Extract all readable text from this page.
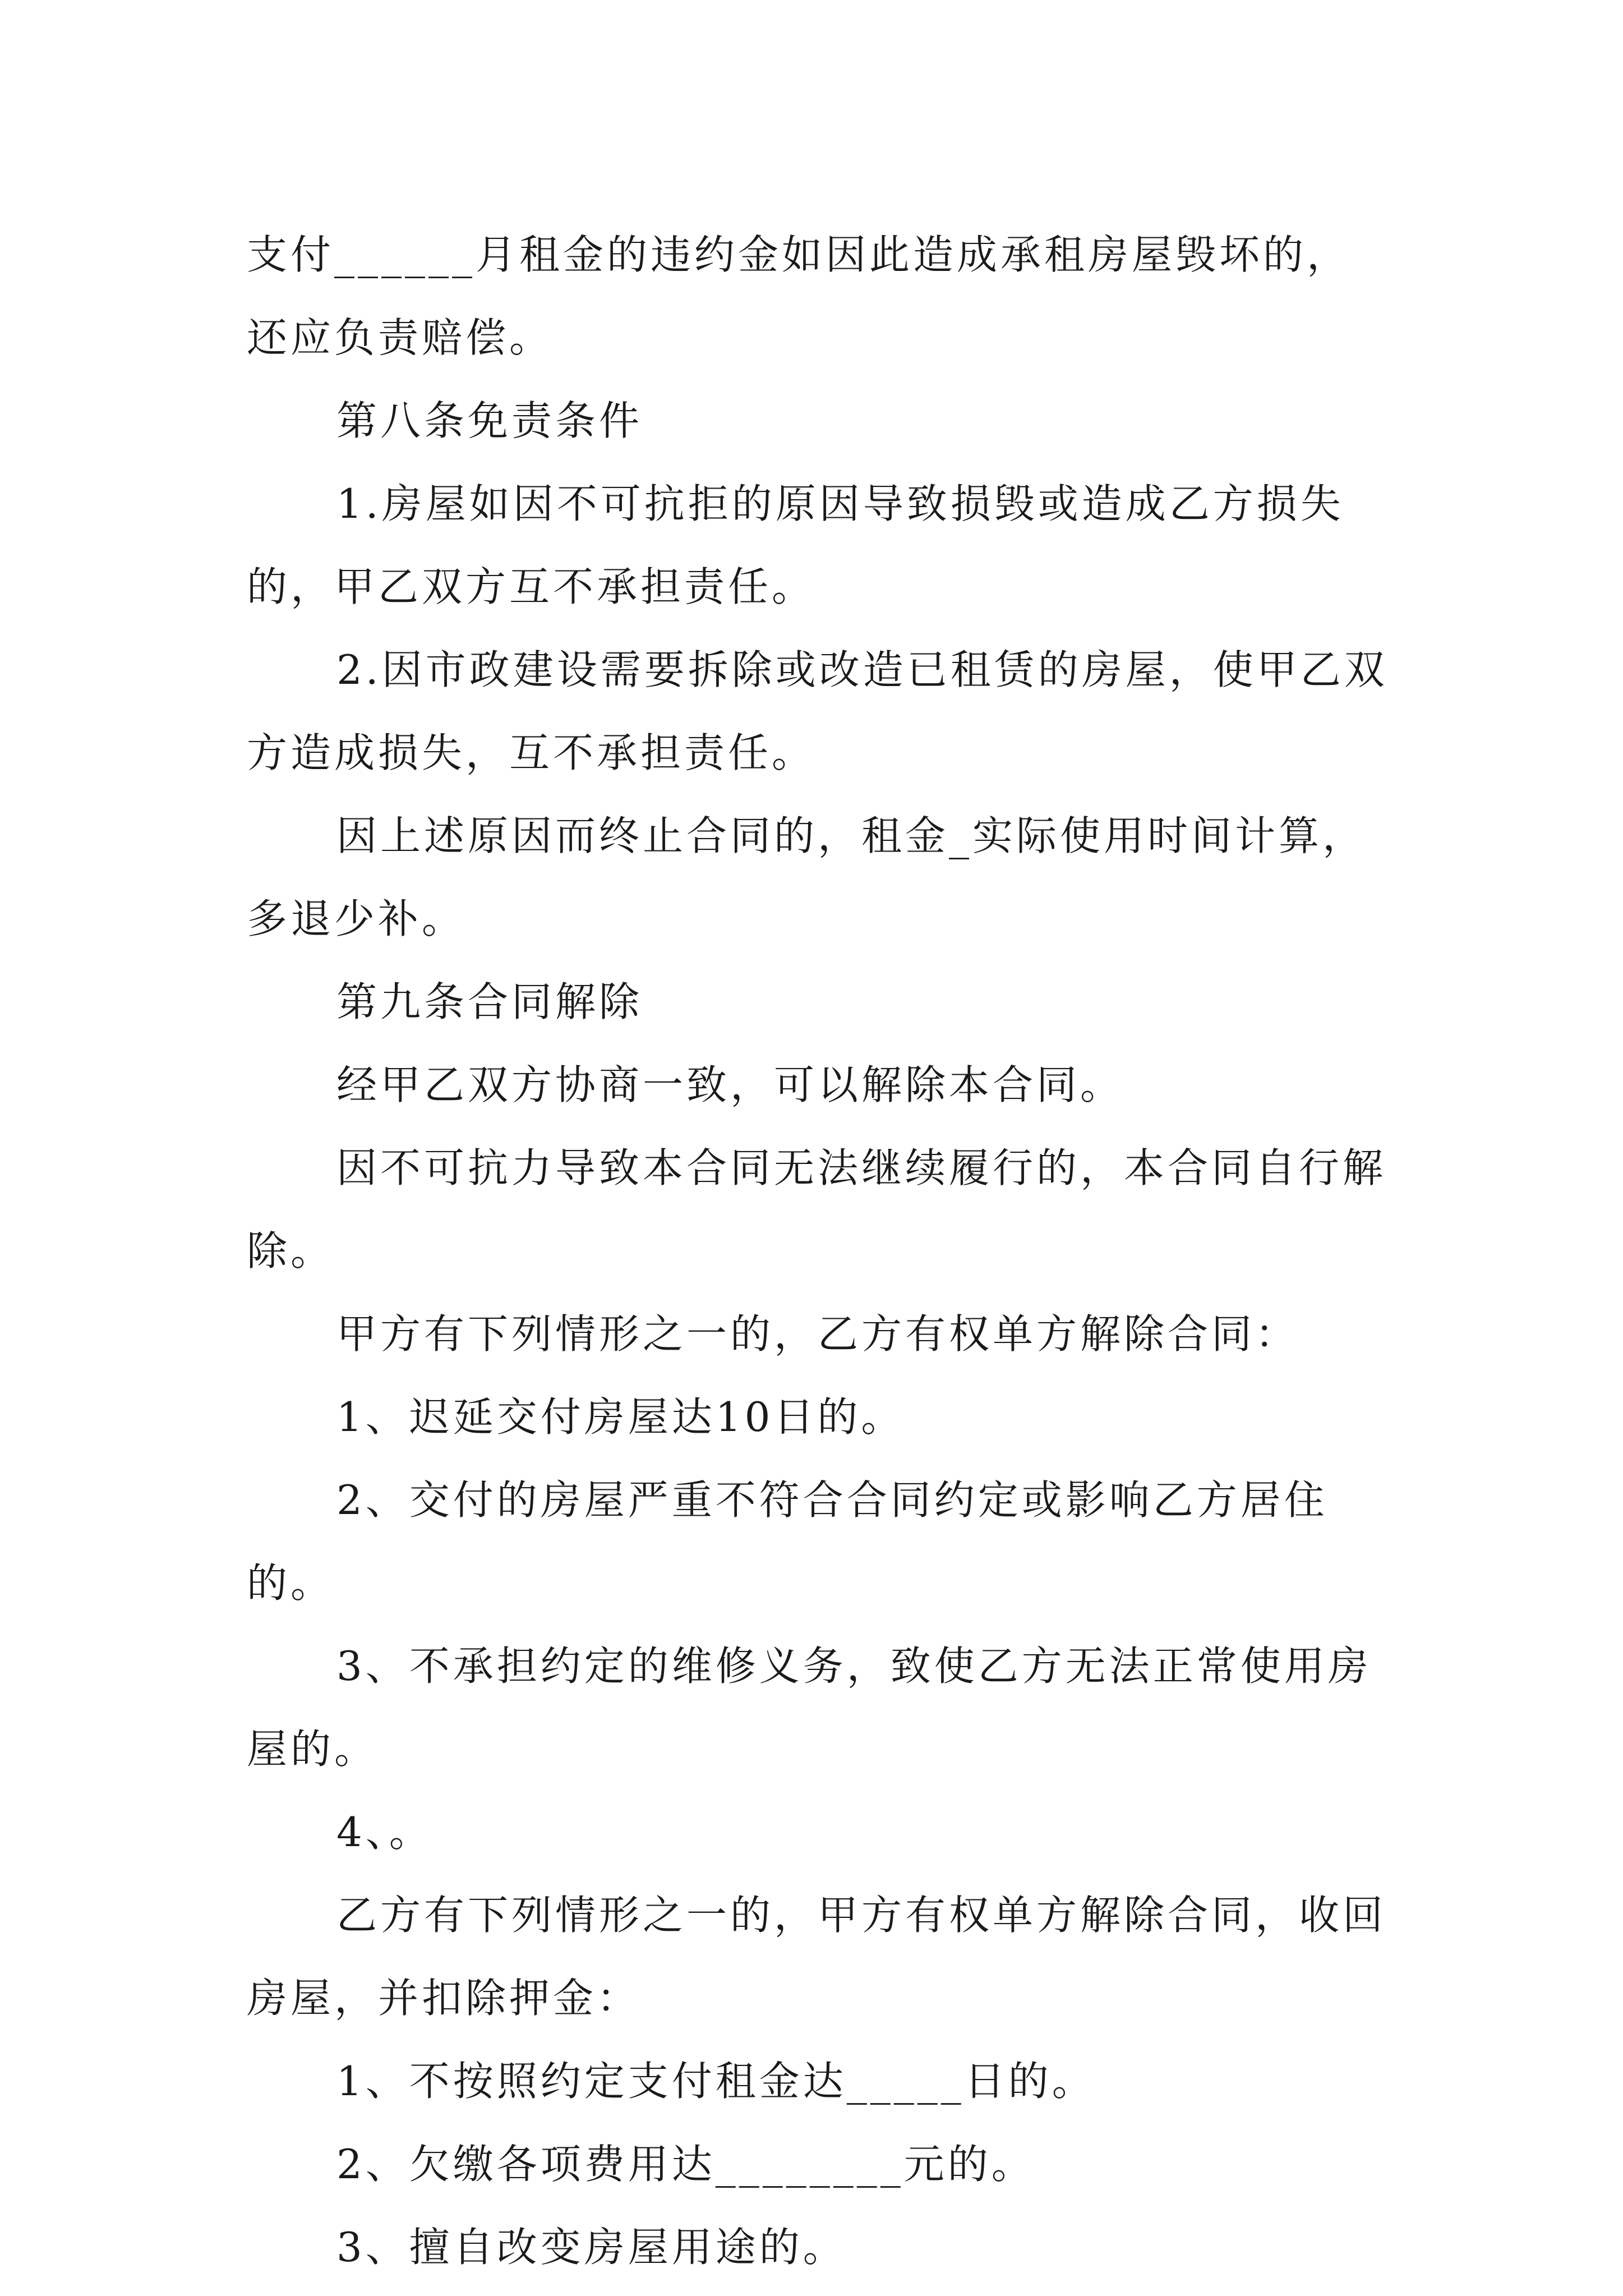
支付______月租金的违约金如因此造成承租房屋毁坏的，还应负责赔偿。

第八条免责条件

1.房屋如因不可抗拒的原因导致损毁或造成乙方损失的，甲乙双方互不承担责任。

2.因市政建设需要拆除或改造已租赁的房屋，使甲乙双方造成损失，互不承担责任。

因上述原因而终止合同的，租金_实际使用时间计算，多退少补。

第九条合同解除

经甲乙双方协商一致，可以解除本合同。

因不可抗力导致本合同无法继续履行的，本合同自行解除。

甲方有下列情形之一的，乙方有权单方解除合同：

1、迟延交付房屋达10日的。

2、交付的房屋严重不符合合同约定或影响乙方居住的。

3、不承担约定的维修义务，致使乙方无法正常使用房屋的。

4、。

乙方有下列情形之一的，甲方有权单方解除合同，收回房屋，并扣除押金：

1、不按照约定支付租金达_____日的。

2、欠缴各项费用达________元的。

3、擅自改变房屋用途的。
